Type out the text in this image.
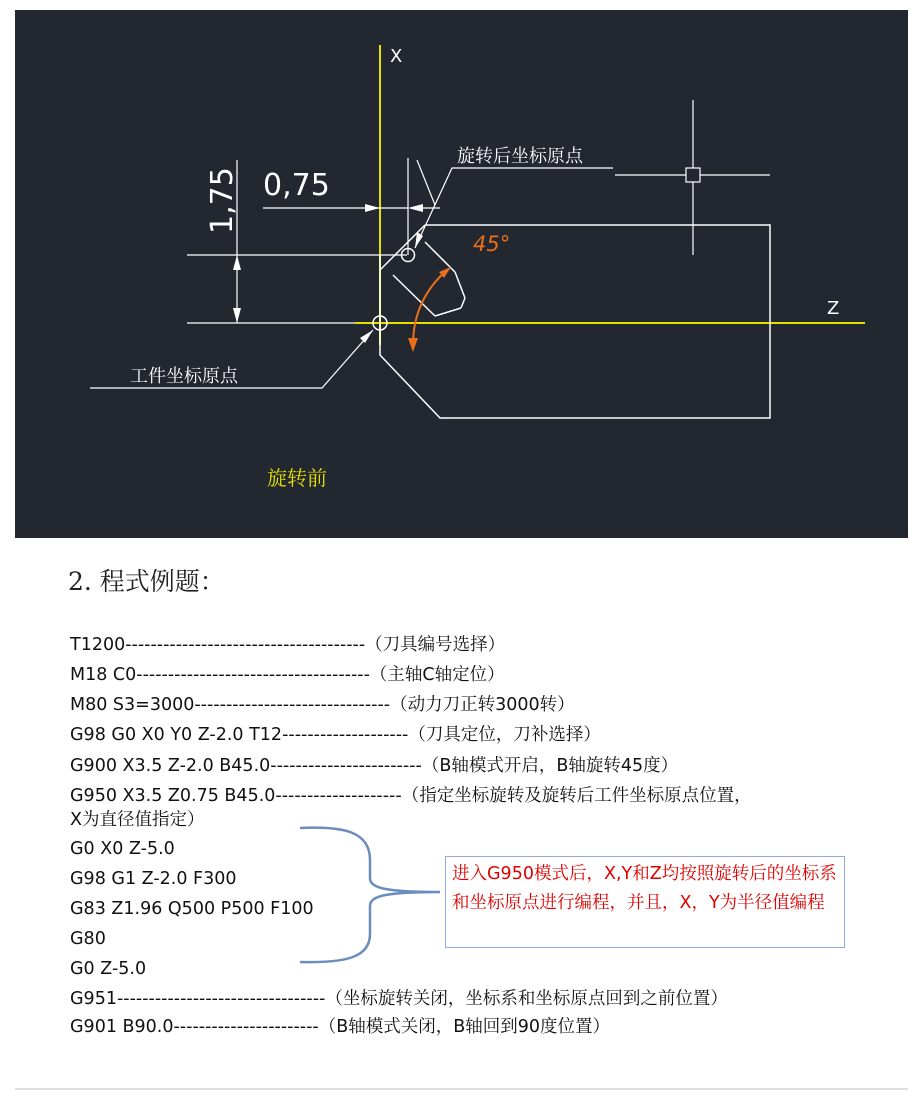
X
Z
0,75
1,75
45°
旋转后坐标原点
工件坐标原点
旋转前
2. 程式例题：
T1200--------------------------------------（刀具编号选择）
M18 C0-------------------------------------（主轴C轴定位）
M80 S3=3000-------------------------------（动力刀正转3000转）
G98 G0 X0 Y0 Z-2.0 T12--------------------（刀具定位，刀补选择）
G900 X3.5 Z-2.0 B45.0------------------------（B轴模式开启，B轴旋转45度）
G950 X3.5 Z0.75 B45.0--------------------（指定坐标旋转及旋转后工件坐标原点位置，
X为直径值指定）
G0 X0 Z-5.0
G98 G1 Z-2.0 F300
G83 Z1.96 Q500 P500 F100
G80
G0 Z-5.0
G951---------------------------------（坐标旋转关闭，坐标系和坐标原点回到之前位置）
G901 B90.0-----------------------（B轴模式关闭，B轴回到90度位置）
进入G950模式后，X,Y和Z均按照旋转后的坐标系和坐标原点进行编程，并且，X，Y为半径值编程
